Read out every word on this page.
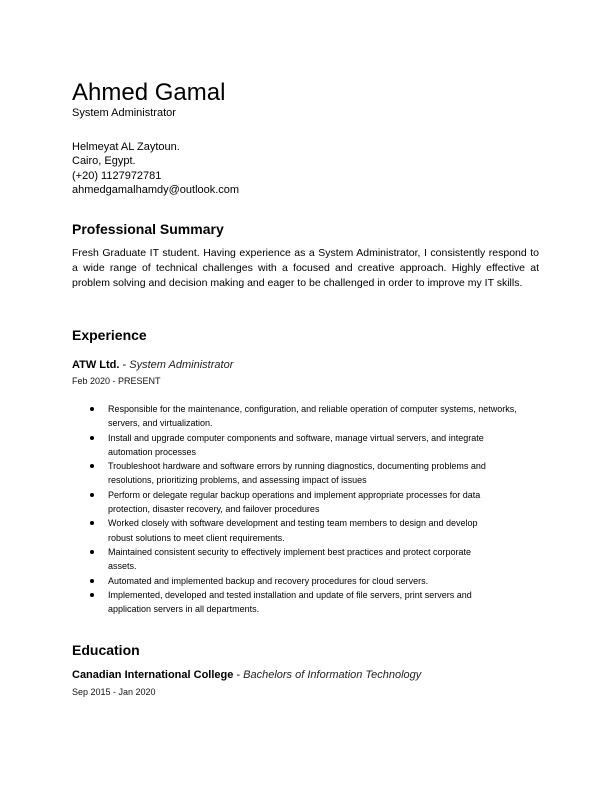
Ahmed Gamal
System Administrator
Helmeyat AL Zaytoun.
Cairo, Egypt.
(+20) 1127972781
ahmedgamalhamdy@outlook.com
Professional Summary
Fresh Graduate IT student. Having experience as a System Administrator, I consistently respond to a wide range of technical challenges with a focused and creative approach. Highly effective at problem solving and decision making and eager to be challenged in order to improve my IT skills.
Experience
ATW Ltd. - System Administrator
Feb 2020 - PRESENT
Responsible for the maintenance, configuration, and reliable operation of computer systems, networks,
servers, and virtualization.
Install and upgrade computer components and software, manage virtual servers, and integrate
automation processes
Troubleshoot hardware and software errors by running diagnostics, documenting problems and
resolutions, prioritizing problems, and assessing impact of issues
Perform or delegate regular backup operations and implement appropriate processes for data
protection, disaster recovery, and failover procedures
Worked closely with software development and testing team members to design and develop
robust solutions to meet client requirements.
Maintained consistent security to effectively implement best practices and protect corporate
assets.
Automated and implemented backup and recovery procedures for cloud servers.
Implemented, developed and tested installation and update of file servers, print servers and
application servers in all departments.
Education
Canadian International College - Bachelors of Information Technology
Sep 2015 - Jan 2020
